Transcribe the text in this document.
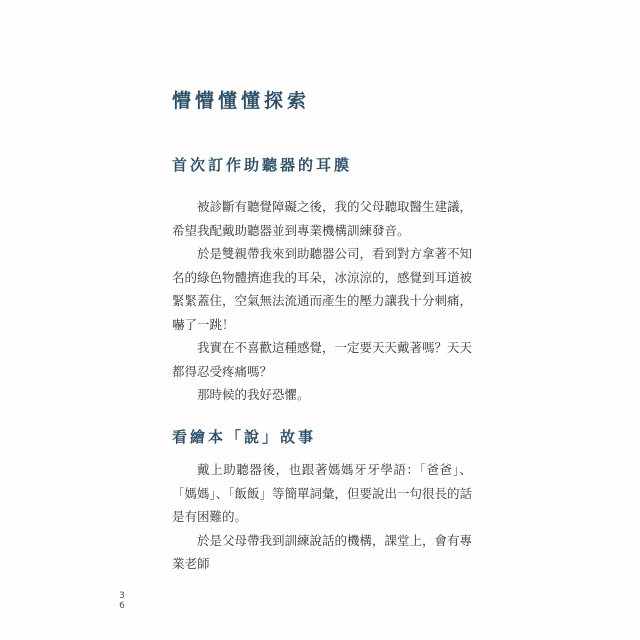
懵懵懂懂探索
首次訂作助聽器的耳膜

被診斷有聽覺障礙之後，我的父母聽取醫生建議，希望我配戴助聽器並到專業機構訓練發音。

於是雙親帶我來到助聽器公司，看到對方拿著不知名的綠色物體擠進我的耳朵，冰涼涼的，感覺到耳道被緊緊蓋住，空氣無法流通而產生的壓力讓我十分刺痛，嚇了一跳！

我實在不喜歡這種感覺，一定要天天戴著嗎？天天都得忍受疼痛嗎？

那時候的我好恐懼。

看繪本「說」故事

戴上助聽器後，也跟著媽媽牙牙學語：「爸爸」、「媽媽」、「飯飯」等簡單詞彙，但要說出一句很長的話是有困難的。

於是父母帶我到訓練說話的機構，課堂上，會有專業老師

3
6
